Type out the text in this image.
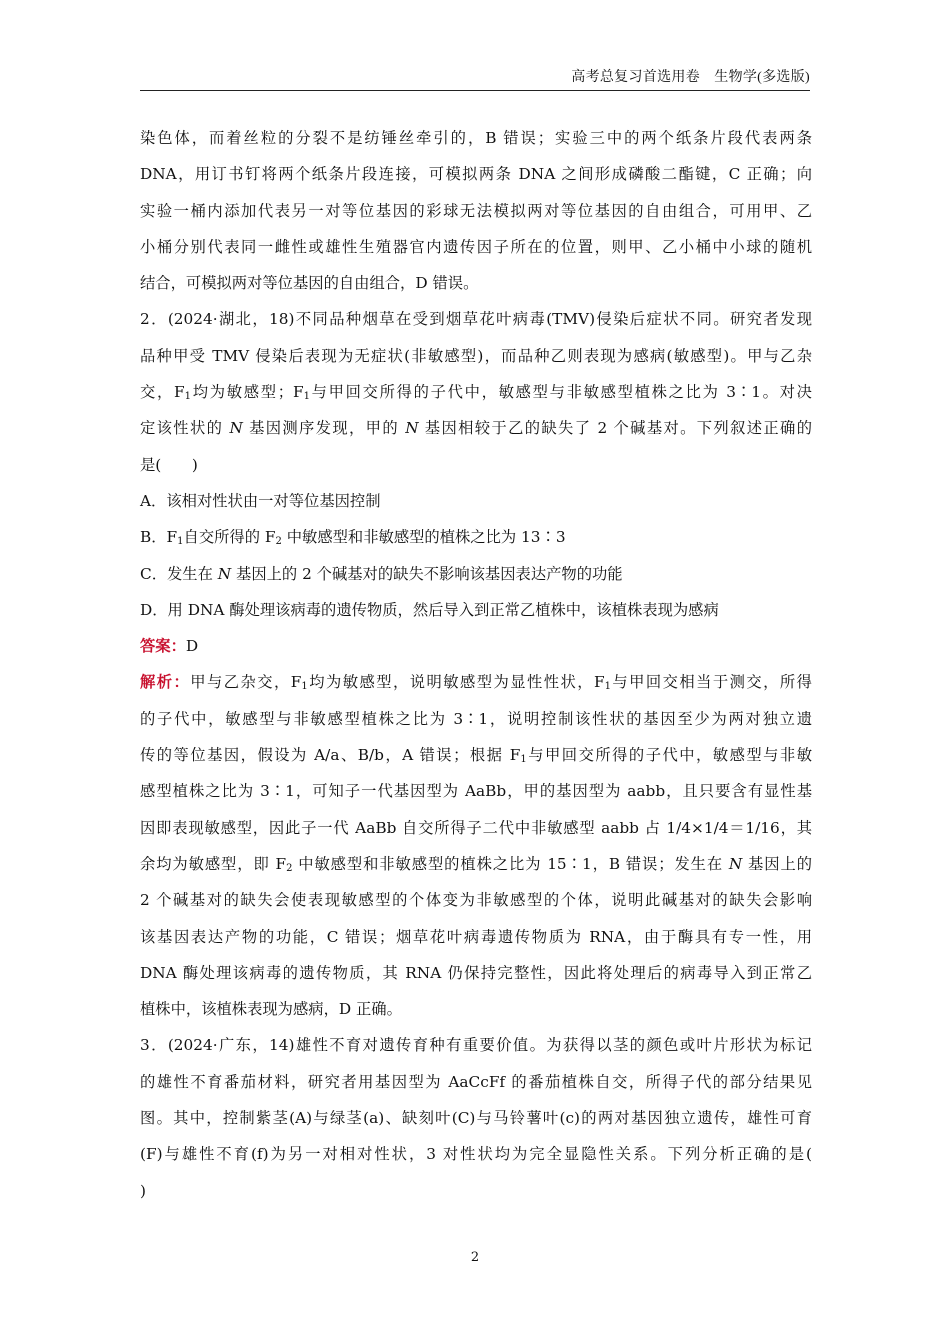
高考总复习首选用卷　生物学(多选版)

染色体，而着丝粒的分裂不是纺锤丝牵引的，B 错误；实验三中的两个纸条片段代表两条

DNA，用订书钉将两个纸条片段连接，可模拟两条 DNA 之间形成磷酸二酯键，C 正确；向

实验一桶内添加代表另一对等位基因的彩球无法模拟两对等位基因的自由组合，可用甲、乙

小桶分别代表同一雌性或雄性生殖器官内遗传因子所在的位置，则甲、乙小桶中小球的随机

结合，可模拟两对等位基因的自由组合，D 错误。

2．(2024·湖北，18)不同品种烟草在受到烟草花叶病毒(TMV)侵染后症状不同。研究者发现

品种甲受 TMV 侵染后表现为无症状(非敏感型)，而品种乙则表现为感病(敏感型)。甲与乙杂

交，$F_1$均为敏感型；$F_1$与甲回交所得的子代中，敏感型与非敏感型植株之比为 3∶1。对决

定该性状的 N 基因测序发现，甲的 N 基因相较于乙的缺失了 2 个碱基对。下列叙述正确的

是(　　)

A．该相对性状由一对等位基因控制

B．$F_1$自交所得的 $F_2$ 中敏感型和非敏感型的植株之比为 13∶3

C．发生在 N 基因上的 2 个碱基对的缺失不影响该基因表达产物的功能

D．用 DNA 酶处理该病毒的遗传物质，然后导入到正常乙植株中，该植株表现为感病

答案：D

解析：甲与乙杂交，$F_1$均为敏感型，说明敏感型为显性性状，$F_1$与甲回交相当于测交，所得

的子代中，敏感型与非敏感型植株之比为 3∶1，说明控制该性状的基因至少为两对独立遗

传的等位基因，假设为 A/a、B/b，A 错误；根据 $F_1$与甲回交所得的子代中，敏感型与非敏

感型植株之比为 3∶1，可知子一代基因型为 AaBb，甲的基因型为 aabb，且只要含有显性基

因即表现敏感型，因此子一代 AaBb 自交所得子二代中非敏感型 aabb 占 1/4×1/4＝1/16，其

余均为敏感型，即 $F_2$ 中敏感型和非敏感型的植株之比为 15∶1，B 错误；发生在 N 基因上的

2 个碱基对的缺失会使表现敏感型的个体变为非敏感型的个体，说明此碱基对的缺失会影响

该基因表达产物的功能，C 错误；烟草花叶病毒遗传物质为 RNA，由于酶具有专一性，用

DNA 酶处理该病毒的遗传物质，其 RNA 仍保持完整性，因此将处理后的病毒导入到正常乙

植株中，该植株表现为感病，D 正确。

3．(2024·广东，14)雄性不育对遗传育种有重要价值。为获得以茎的颜色或叶片形状为标记

的雄性不育番茄材料，研究者用基因型为 AaCcFf 的番茄植株自交，所得子代的部分结果见

图。其中，控制紫茎(A)与绿茎(a)、缺刻叶(C)与马铃薯叶(c)的两对基因独立遗传，雄性可育

(F)与雄性不育(f)为另一对相对性状，3 对性状均为完全显隐性关系。下列分析正确的是(

)

2
